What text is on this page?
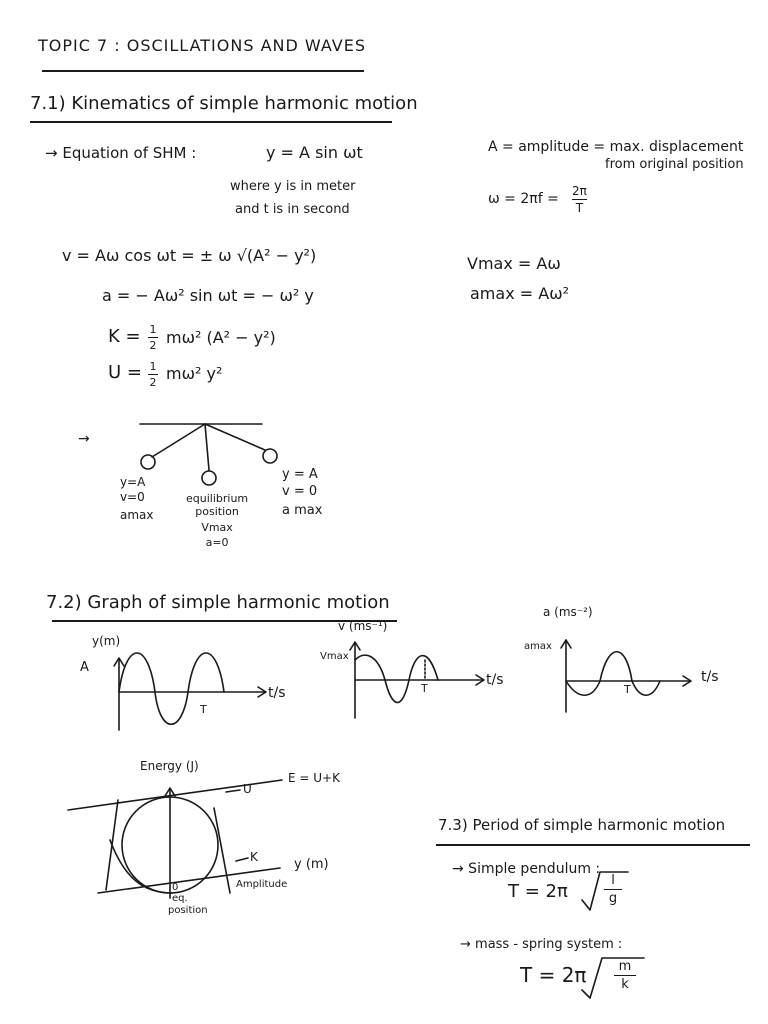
TOPIC 7 : OSCILLATIONS AND WAVES
7.1) Kinematics of simple harmonic motion
→ Equation of SHM :	y = A sin ωt
where y is in meter
and t is in second
A = amplitude = max. displacement
from original position
ω = 2πf = 2π
T
v = Aω cos ωt = ± ω √(A² − y²)
a = − Aω² sin ωt = − ω² y
K = 1
2 mω² (A² − y²)
U = 1
2 mω² y²
Vmax = Aω
amax = Aω²
→
y=A
v=0
amax
equilibrium
position
Vmax
a=0
y = A
v = 0
a max
7.2) Graph of simple harmonic motion
y(m)
A
T
t/s
v (ms⁻¹)
Vmax
T
t/s
a (ms⁻²)
amax
T
t/s
Energy (J)
E = U+K
U
K	y (m)
0
eq.
position
Amplitude
7.3) Period of simple harmonic motion
→ Simple pendulum :
T = 2π
l
g
→ mass - spring system :
T = 2π m
k
